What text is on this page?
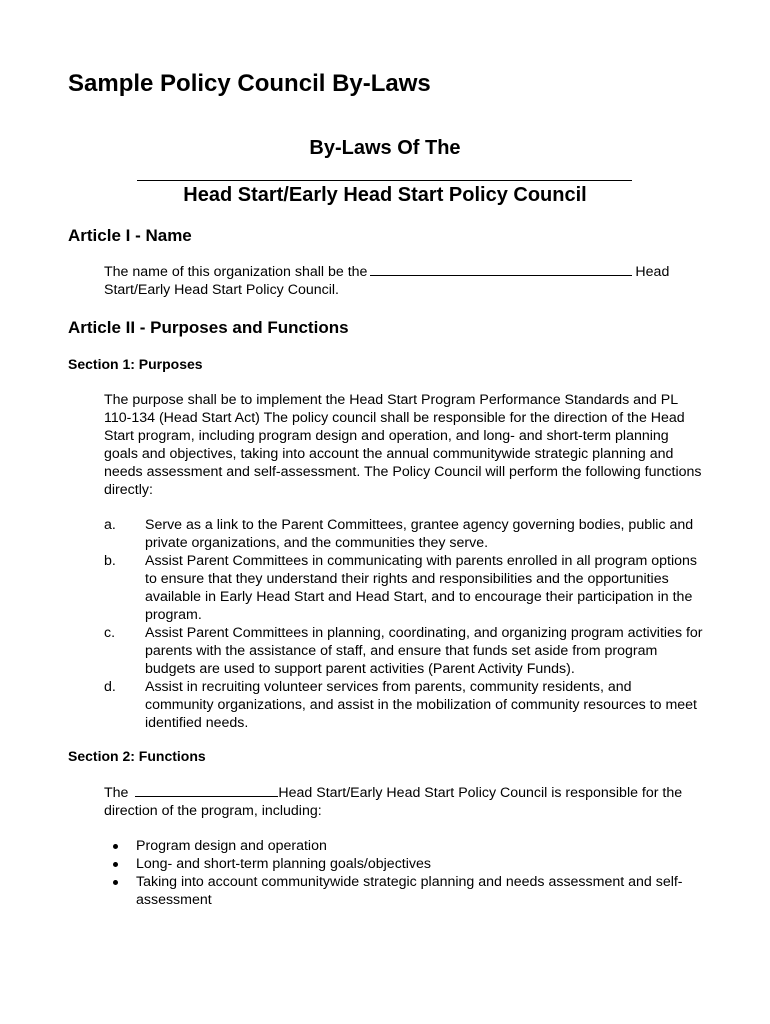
Sample Policy Council By-Laws
By-Laws Of The
Head Start/Early Head Start Policy Council
Article I - Name

The name of this organization shall be the	Head Start/Early Head Start Policy Council.

Article II - Purposes and Functions
Section 1: Purposes

The purpose shall be to implement the Head Start Program Performance Standards and PL 110-134 (Head Start Act) The policy council shall be responsible for the direction of the Head Start program, including program design and operation, and long- and short-term planning goals and objectives, taking into account the annual communitywide strategic planning and needs assessment and self-assessment. The Policy Council will perform the following functions directly:

a. Serve as a link to the Parent Committees, grantee agency governing bodies, public and private organizations, and the communities they serve.
b. Assist Parent Committees in communicating with parents enrolled in all program options to ensure that they understand their rights and responsibilities and the opportunities available in Early Head Start and Head Start, and to encourage their participation in the program.
c. Assist Parent Committees in planning, coordinating, and organizing program activities for parents with the assistance of staff, and ensure that funds set aside from program budgets are used to support parent activities (Parent Activity Funds).
d. Assist in recruiting volunteer services from parents, community residents, and community organizations, and assist in the mobilization of community resources to meet identified needs.
Section 2: Functions

The	Head Start/Early Head Start Policy Council is responsible for the direction of the program, including:

Program design and operation
Long- and short-term planning goals/objectives
Taking into account communitywide strategic planning and needs assessment and self-assessment
